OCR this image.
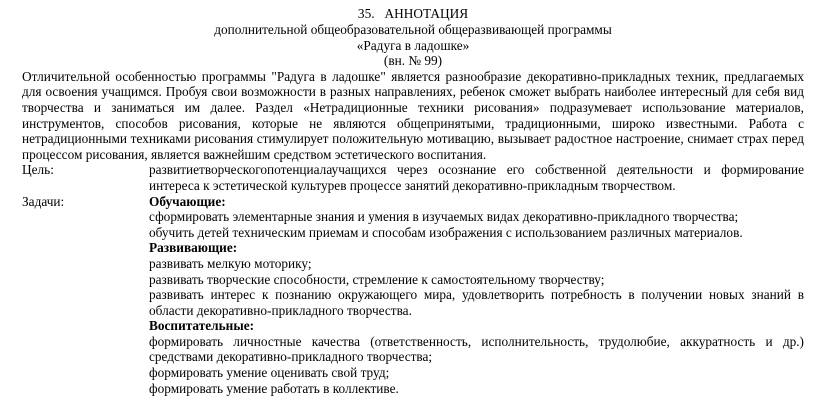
35. АННОТАЦИЯ
дополнительной общеобразовательной общеразвивающей программы
«Радуга в ладошке»
(вн. № 99)
Отличительной особенностью программы "Радуга в ладошке" является разнообразие декоративно-прикладных техник, предлагаемых для освоения учащимся. Пробуя свои возможности в разных направлениях, ребенок сможет выбрать наиболее интересный для себя вид творчества и заниматься им далее. Раздел «Нетрадиционные техники рисования» подразумевает использование материалов, инструментов, способов рисования, которые не являются общепринятыми, традиционными, широко известными. Работа с нетрадиционными техниками рисования стимулирует положительную мотивацию, вызывает радостное настроение, снимает страх перед процессом рисования, является важнейшим средством эстетического воспитания.
Цель:	развитиетворческогопотенциалаучащихся через осознание его собственной деятельности и формирование интереса к эстетической культурев процессе занятий декоративно-прикладным творчеством.
Задачи:	Обучающие:
сформировать элементарные знания и умения в изучаемых видах декоративно-прикладного творчества;
обучить детей техническим приемам и способам изображения с использованием различных материалов.
Развивающие:
развивать мелкую моторику;
развивать творческие способности, стремление к самостоятельному творчеству;
развивать интерес к познанию окружающего мира, удовлетворить потребность в получении новых знаний в области декоративно-прикладного творчества.
Воспитательные:
формировать личностные качества (ответственность, исполнительность, трудолюбие, аккуратность и др.) средствами декоративно-прикладного творчества;
формировать умение оценивать свой труд;
формировать умение работать в коллективе.
